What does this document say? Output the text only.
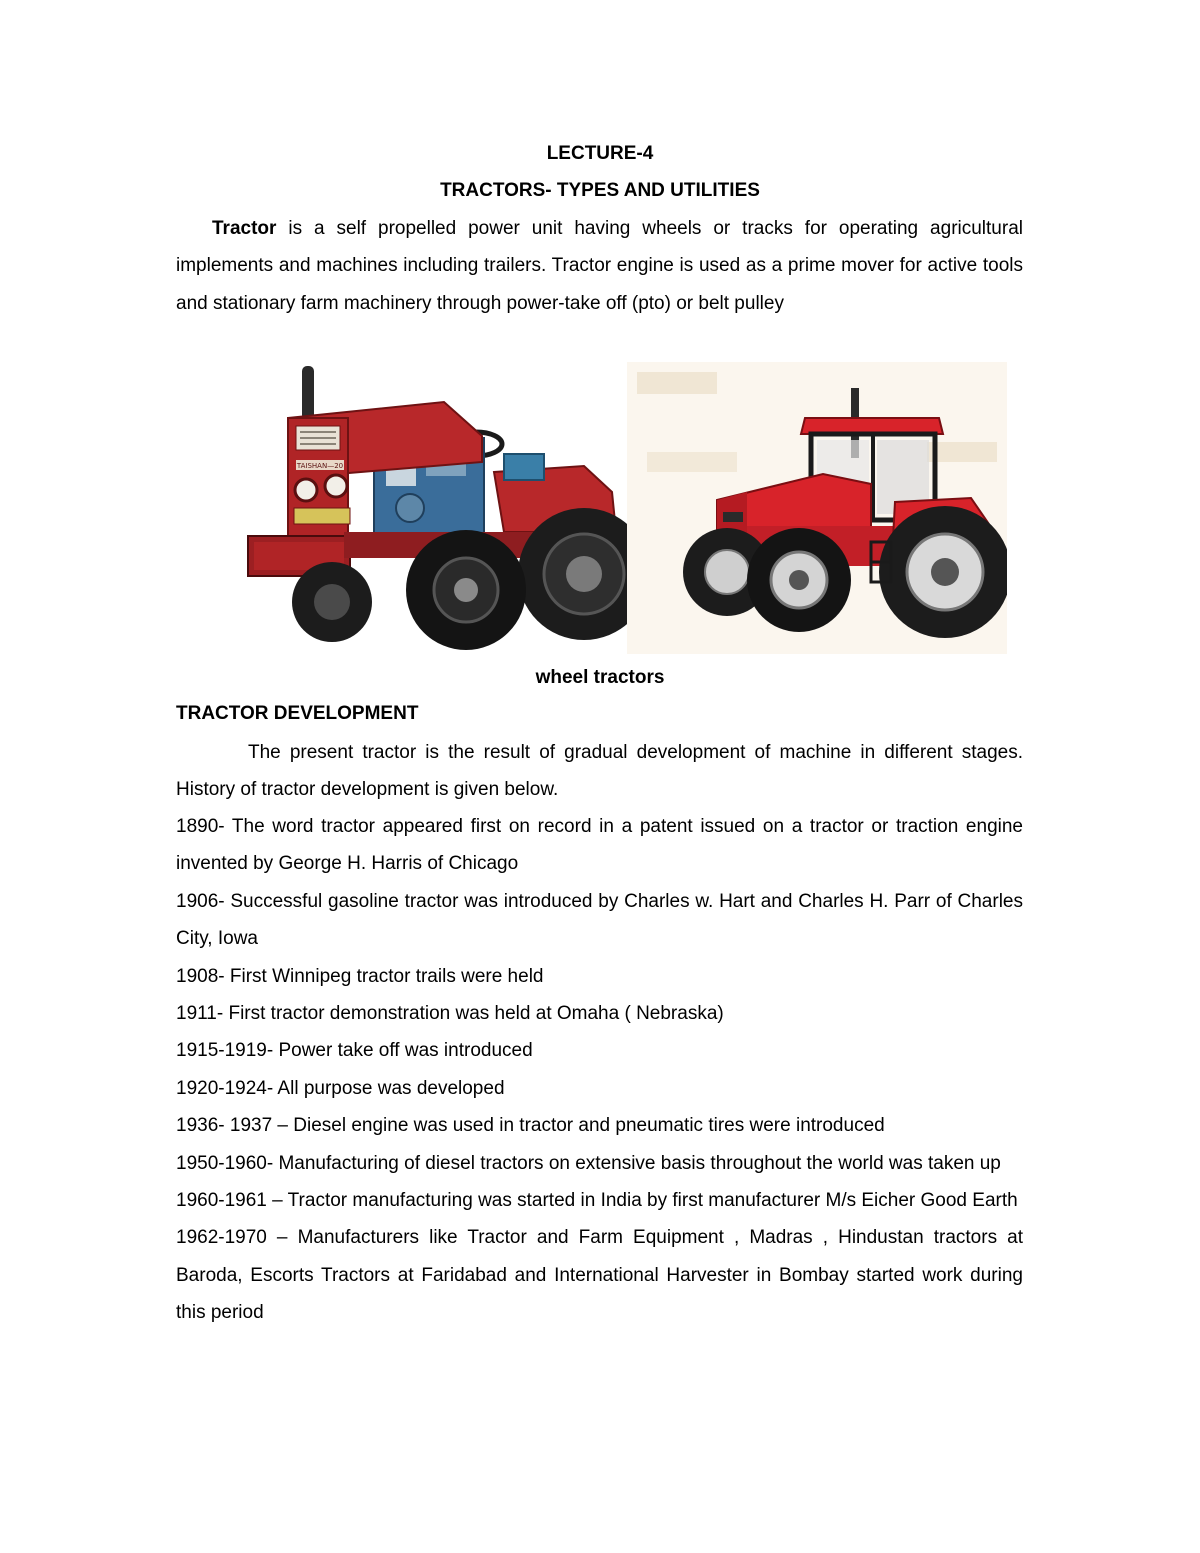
LECTURE-4
TRACTORS- TYPES AND UTILITIES
Tractor is a self propelled power unit having wheels or tracks for operating agricultural implements and machines including trailers. Tractor engine is used as a prime mover for active tools and stationary farm machinery through power-take off (pto) or belt pulley
TAISHAN—20
wheel tractors
TRACTOR DEVELOPMENT
The present tractor is the result of gradual development of machine in different stages. History of tractor development is given below.
1890- The word tractor appeared first on record in a patent issued on a tractor or traction engine invented by George H. Harris of Chicago
1906- Successful gasoline tractor was introduced by Charles w. Hart and Charles H. Parr of Charles City, Iowa
1908- First Winnipeg tractor trails were held
1911- First tractor demonstration was held at Omaha ( Nebraska)
1915-1919- Power take off was introduced
1920-1924- All purpose was developed
1936- 1937 – Diesel engine was used in tractor and pneumatic tires were introduced
1950-1960- Manufacturing of diesel tractors on extensive basis throughout the world was taken up
1960-1961 – Tractor manufacturing was started in India by first manufacturer M/s Eicher Good Earth
1962-1970 – Manufacturers like Tractor and Farm Equipment , Madras , Hindustan tractors at Baroda, Escorts Tractors at Faridabad and International Harvester in Bombay started work during this period
